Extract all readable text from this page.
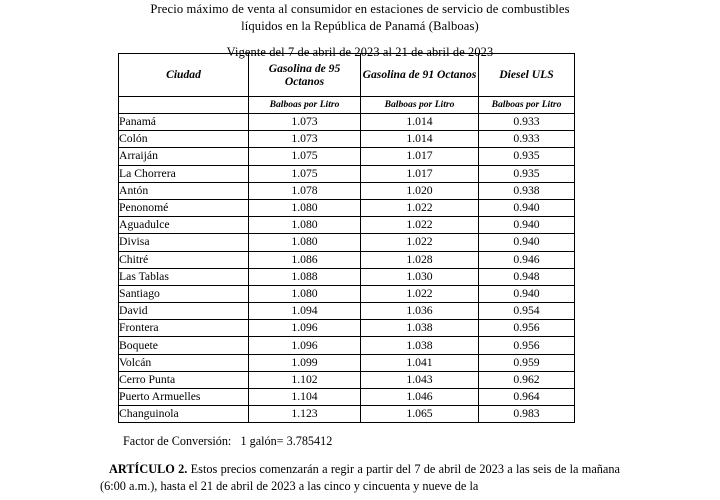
Precio máximo de venta al consumidor en estaciones de servicio de combustibles
líquidos en la República de Panamá (Balboas)
Vigente del 7 de abril de 2023 al 21 de abril de 2023
Ciudad	Gasolina de 95 Octanos	Gasolina de 91 Octanos	Diesel ULS
	Balboas por Litro	Balboas por Litro	Balboas por Litro
Panamá	1.073	1.014	0.933
Colón	1.073	1.014	0.933
Arraiján	1.075	1.017	0.935
La Chorrera	1.075	1.017	0.935
Antón	1.078	1.020	0.938
Penonomé	1.080	1.022	0.940
Aguadulce	1.080	1.022	0.940
Divisa	1.080	1.022	0.940
Chitré	1.086	1.028	0.946
Las Tablas	1.088	1.030	0.948
Santiago	1.080	1.022	0.940
David	1.094	1.036	0.954
Frontera	1.096	1.038	0.956
Boquete	1.096	1.038	0.956
Volcán	1.099	1.041	0.959
Cerro Punta	1.102	1.043	0.962
Puerto Armuelles	1.104	1.046	0.964
Changuinola	1.123	1.065	0.983
Factor de Conversión: 1 galón= 3.785412
ARTÍCULO 2. Estos precios comenzarán a regir a partir del 7 de abril de 2023 a las seis de la mañana (6:00 a.m.), hasta el 21 de abril de 2023 a las cinco y cincuenta y nueve de la
